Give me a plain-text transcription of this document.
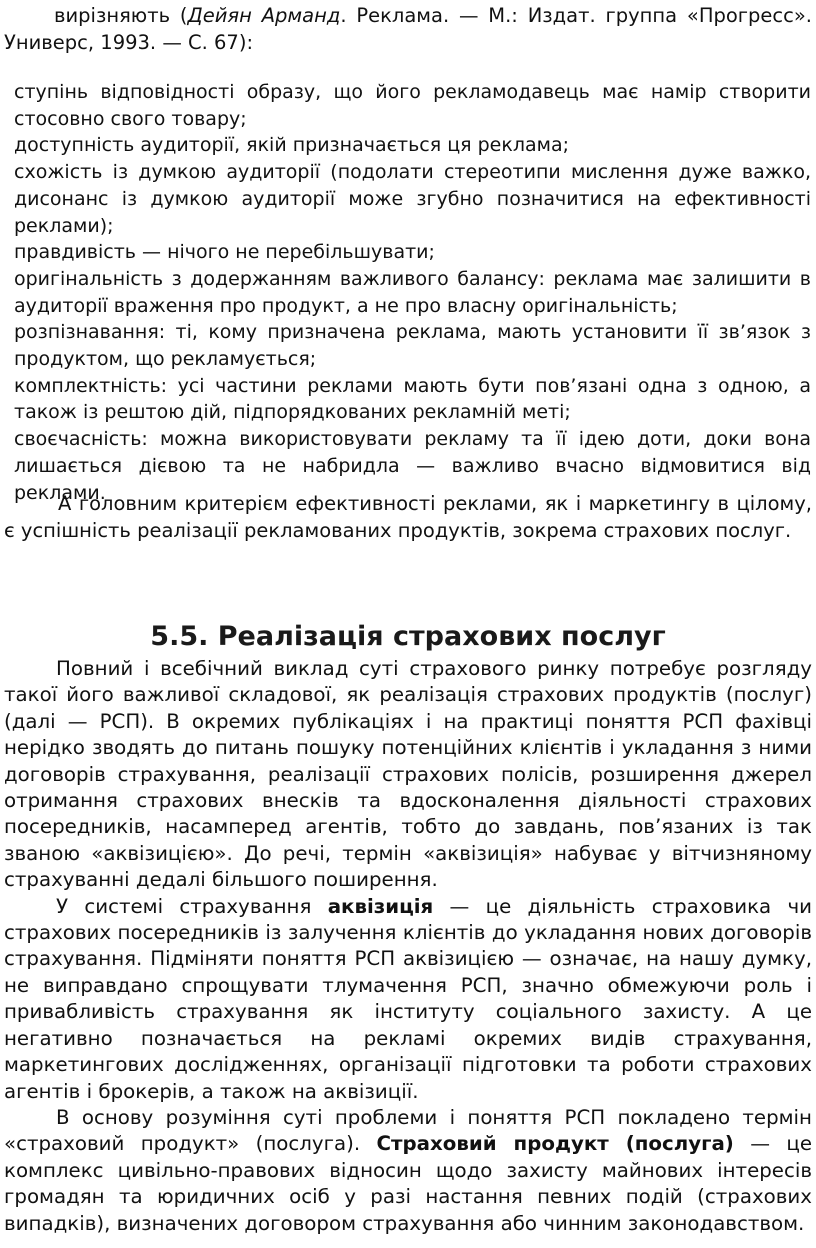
вирізняють (Дейян Арманд. Реклама. — М.: Издат. группа «Прогресс». Универс, 1993. — С. 67):

ступінь відповідності образу, що його рекламодавець має намір створити стосовно свого товару;
доступність аудиторії, якій призначається ця реклама;
схожість із думкою аудиторії (подолати стереотипи мислення дуже важко, дисонанс із думкою аудиторії може згубно позначитися на ефективності реклами);
правдивість — нічого не перебільшувати;
оригінальність з додержанням важливого балансу: реклама має залишити в аудиторії враження про продукт, а не про власну оригінальність;
розпізнавання: ті, кому призначена реклама, мають установити її зв’язок з продуктом, що рекламується;
комплектність: усі частини реклами мають бути пов’язані одна з одною, а також із рештою дій, підпорядкованих рекламній меті;
своєчасність: можна використовувати рекламу та її ідею доти, доки вона лишається дієвою та не набридла — важливо вчасно відмовитися від реклами.

А головним критерієм ефективності реклами, як і маркетингу в цілому, є успішність реалізації рекламованих продуктів, зокрема страхових послуг.

5.5. Реалізація страхових послуг

Повний і всебічний виклад суті страхового ринку потребує розгляду такої його важливої складової, як реалізація страхових продуктів (послуг) (далі — РСП). В окремих публікаціях і на практиці поняття РСП фахівці нерідко зводять до питань пошуку потенційних клієнтів і укладання з ними договорів страхування, реалізації страхових полісів, розширення джерел отримання страхових внесків та вдосконалення діяльності страхових посередників, насамперед агентів, тобто до завдань, пов’язаних із так званою «аквізицією». До речі, термін «аквізиція» набуває у вітчизняному страхуванні дедалі більшого поширення.

У системі страхування аквізиція — це діяльність страховика чи страхових посередників із залучення клієнтів до укладання нових договорів страхування. Підміняти поняття РСП аквізицією — означає, на нашу думку, не виправдано спрощувати тлумачення РСП, значно обмежуючи роль і привабливість страхування як інституту соціального захисту. А це негативно позначається на рекламі окремих видів страхування, маркетингових дослідженнях, організації підготовки та роботи страхових агентів і брокерів, а також на аквізиції.

В основу розуміння суті проблеми і поняття РСП покладено термін «страховий продукт» (послуга). Страховий продукт (послуга) — це комплекс цивільно-правових відносин щодо захисту майнових інтересів громадян та юридичних осіб у разі настання певних подій (страхових випадків), визначених договором страхування або чинним законодавством.
